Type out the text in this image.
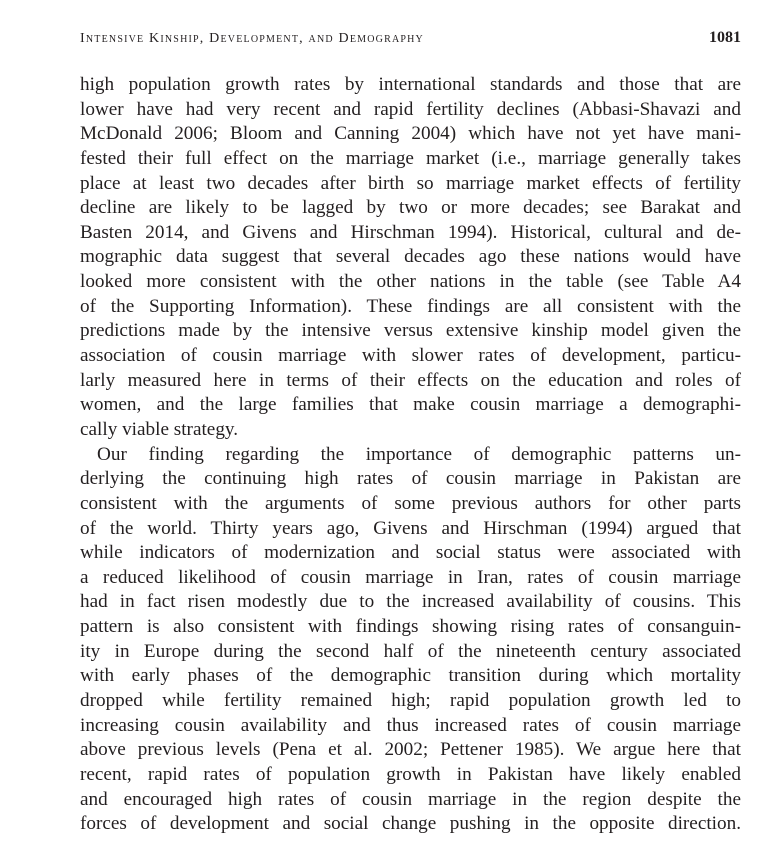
Intensive Kinship, Development, and Demography	1081
high population growth rates by international standards and those that are
lower have had very recent and rapid fertility declines (Abbasi-Shavazi and
McDonald 2006; Bloom and Canning 2004) which have not yet have mani-
fested their full effect on the marriage market (i.e., marriage generally takes
place at least two decades after birth so marriage market effects of fertility
decline are likely to be lagged by two or more decades; see Barakat and
Basten 2014, and Givens and Hirschman 1994). Historical, cultural and de-
mographic data suggest that several decades ago these nations would have
looked more consistent with the other nations in the table (see Table A4
of the Supporting Information). These findings are all consistent with the
predictions made by the intensive versus extensive kinship model given the
association of cousin marriage with slower rates of development, particu-
larly measured here in terms of their effects on the education and roles of
women, and the large families that make cousin marriage a demographi-
cally viable strategy.
Our finding regarding the importance of demographic patterns un-
derlying the continuing high rates of cousin marriage in Pakistan are
consistent with the arguments of some previous authors for other parts
of the world. Thirty years ago, Givens and Hirschman (1994) argued that
while indicators of modernization and social status were associated with
a reduced likelihood of cousin marriage in Iran, rates of cousin marriage
had in fact risen modestly due to the increased availability of cousins. This
pattern is also consistent with findings showing rising rates of consanguin-
ity in Europe during the second half of the nineteenth century associated
with early phases of the demographic transition during which mortality
dropped while fertility remained high; rapid population growth led to
increasing cousin availability and thus increased rates of cousin marriage
above previous levels (Pena et al. 2002; Pettener 1985). We argue here that
recent, rapid rates of population growth in Pakistan have likely enabled
and encouraged high rates of cousin marriage in the region despite the
forces of development and social change pushing in the opposite direction.
